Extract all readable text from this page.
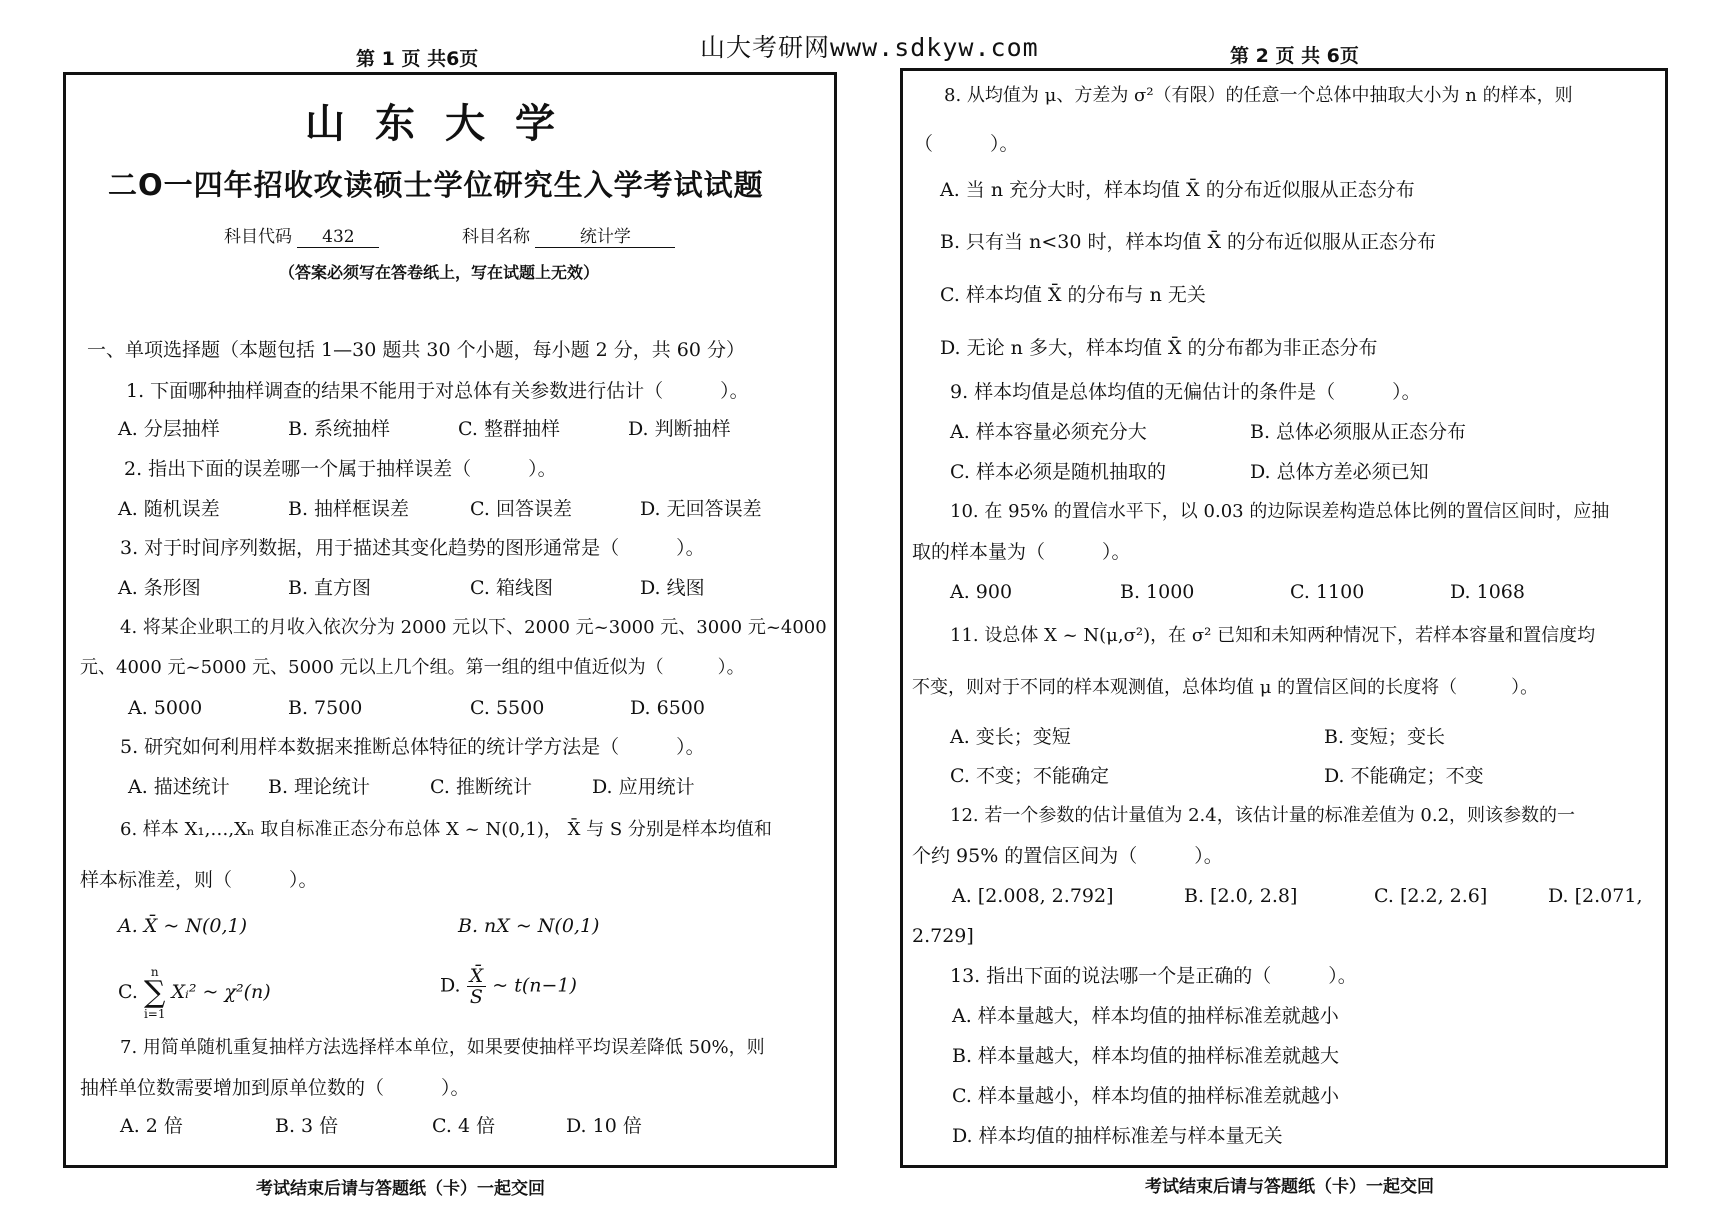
第 1 页 共6页	山大考研网www.sdkyw.com	第 2 页 共 6页
山东大学
二O一四年招收攻读硕士学位研究生入学考试试题
科目代码 432	科目名称	统计学
（答案必须写在答卷纸上，写在试题上无效）
一、单项选择题（本题包括 1—30 题共 30 个小题，每小题 2 分，共 60 分）
1. 下面哪种抽样调查的结果不能用于对总体有关参数进行估计（　　　）。
A. 分层抽样	B. 系统抽样	C. 整群抽样	D. 判断抽样
2. 指出下面的误差哪一个属于抽样误差（　　　）。
A. 随机误差	B. 抽样框误差	C. 回答误差	D. 无回答误差
3. 对于时间序列数据，用于描述其变化趋势的图形通常是（　　　）。
A. 条形图	B. 直方图	C. 箱线图	D. 线图
4. 将某企业职工的月收入依次分为 2000 元以下、2000 元~3000 元、3000 元~4000
元、4000 元~5000 元、5000 元以上几个组。第一组的组中值近似为（　　　）。
A. 5000	B. 7500	C. 5500	D. 6500
5. 研究如何利用样本数据来推断总体特征的统计学方法是（　　　）。
A. 描述统计 B. 理论统计	C. 推断统计	D. 应用统计
6. 样本 X₁,…,Xₙ 取自标准正态分布总体 X ~ N(0,1)， X̄ 与 S 分别是样本均值和
样本标准差，则（　　　）。
A. X̄ ~ N(0,1)	B. nX ~ N(0,1)
C. n
∑
i=1 Xᵢ² ~ χ²(n)	D. $\frac{X̄}{S}$ ~ t(n−1)
7. 用简单随机重复抽样方法选择样本单位，如果要使抽样平均误差降低 50%，则
抽样单位数需要增加到原单位数的（　　　）。
A. 2 倍	B. 3 倍	C. 4 倍	D. 10 倍
考试结束后请与答题纸（卡）一起交回
8. 从均值为 μ、方差为 σ²（有限）的任意一个总体中抽取大小为 n 的样本，则
（　　　）。
A. 当 n 充分大时，样本均值 X̄ 的分布近似服从正态分布
B. 只有当 n<30 时，样本均值 X̄ 的分布近似服从正态分布
C. 样本均值 X̄ 的分布与 n 无关
D. 无论 n 多大，样本均值 X̄ 的分布都为非正态分布
9. 样本均值是总体均值的无偏估计的条件是（　　　）。
A. 样本容量必须充分大	B. 总体必须服从正态分布
C. 样本必须是随机抽取的	D. 总体方差必须已知
10. 在 95% 的置信水平下，以 0.03 的边际误差构造总体比例的置信区间时，应抽
取的样本量为（　　　）。
A. 900	B. 1000	C. 1100	D. 1068
11. 设总体 X ~ N(μ,σ²)，在 σ² 已知和未知两种情况下，若样本容量和置信度均
不变，则对于不同的样本观测值，总体均值 μ 的置信区间的长度将（　　　）。
A. 变长；变短	B. 变短；变长
C. 不变；不能确定	D. 不能确定；不变
12. 若一个参数的估计量值为 2.4，该估计量的标准差值为 0.2，则该参数的一
个约 95% 的置信区间为（　　　）。
A. [2.008, 2.792]	B. [2.0, 2.8]	C. [2.2, 2.6]	D. [2.071,
2.729]
13. 指出下面的说法哪一个是正确的（　　　）。
A. 样本量越大，样本均值的抽样标准差就越小
B. 样本量越大，样本均值的抽样标准差就越大
C. 样本量越小，样本均值的抽样标准差就越小
D. 样本均值的抽样标准差与样本量无关
考试结束后请与答题纸（卡）一起交回
